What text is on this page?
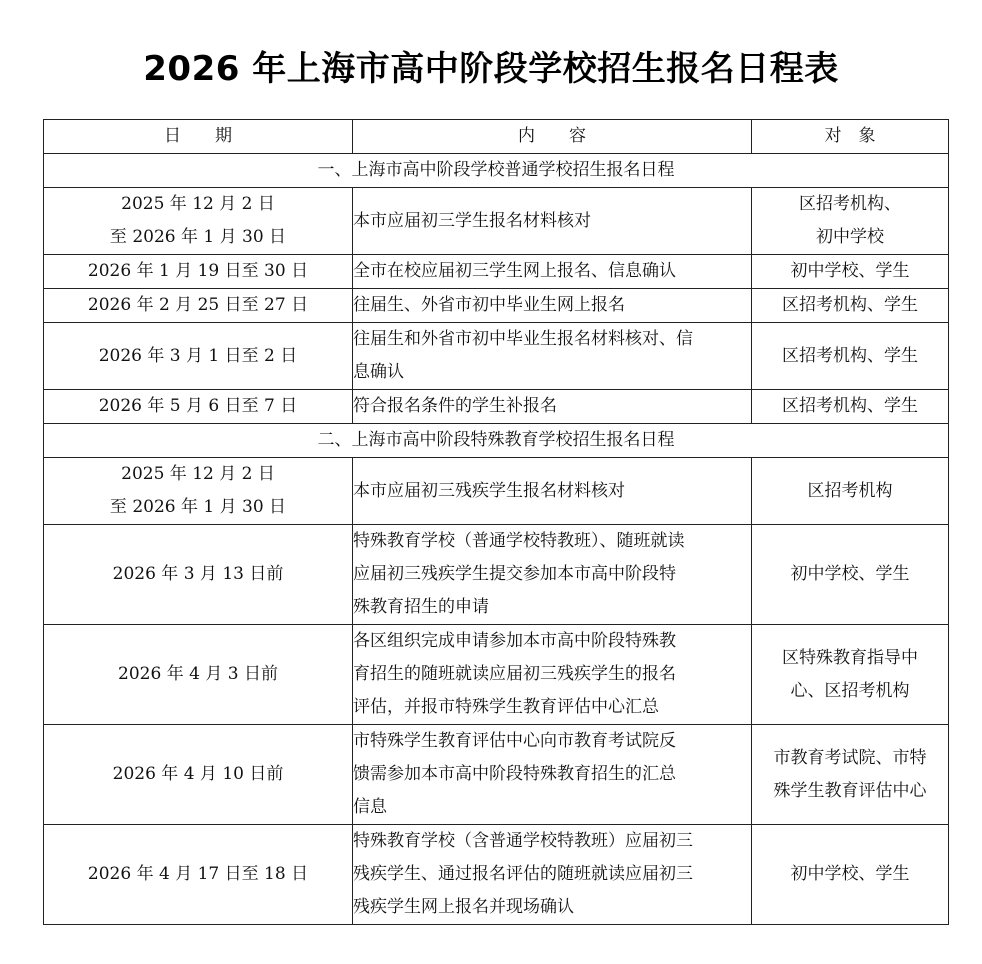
2026 年上海市高中阶段学校招生报名日程表
日　　期	内　　容	对　象
一、上海市高中阶段学校普通学校招生报名日程		

2025 年 12 月 2 日
至 2026 年 1 月 30 日	本市应届初三学生报名材料核对	区招考机构、
初中学校

2026 年 1 月 19 日至 30 日	全市在校应届初三学生网上报名、信息确认	初中学校、学生

2026 年 2 月 25 日至 27 日	往届生、外省市初中毕业生网上报名	区招考机构、学生

2026 年 3 月 1 日至 2 日	往届生和外省市初中毕业生报名材料核对、信
息确认	区招考机构、学生

2026 年 5 月 6 日至 7 日	符合报名条件的学生补报名	区招考机构、学生

二、上海市高中阶段特殊教育学校招生报名日程		

2025 年 12 月 2 日
至 2026 年 1 月 30 日	本市应届初三残疾学生报名材料核对	区招考机构

2026 年 3 月 13 日前	特殊教育学校（普通学校特教班）、随班就读
应届初三残疾学生提交参加本市高中阶段特
殊教育招生的申请	初中学校、学生

2026 年 4 月 3 日前	各区组织完成申请参加本市高中阶段特殊教
育招生的随班就读应届初三残疾学生的报名
评估，并报市特殊学生教育评估中心汇总	区特殊教育指导中
心、区招考机构

2026 年 4 月 10 日前	市特殊学生教育评估中心向市教育考试院反
馈需参加本市高中阶段特殊教育招生的汇总
信息	市教育考试院、市特
殊学生教育评估中心

2026 年 4 月 17 日至 18 日	特殊教育学校（含普通学校特教班）应届初三
残疾学生、通过报名评估的随班就读应届初三
残疾学生网上报名并现场确认	初中学校、学生
